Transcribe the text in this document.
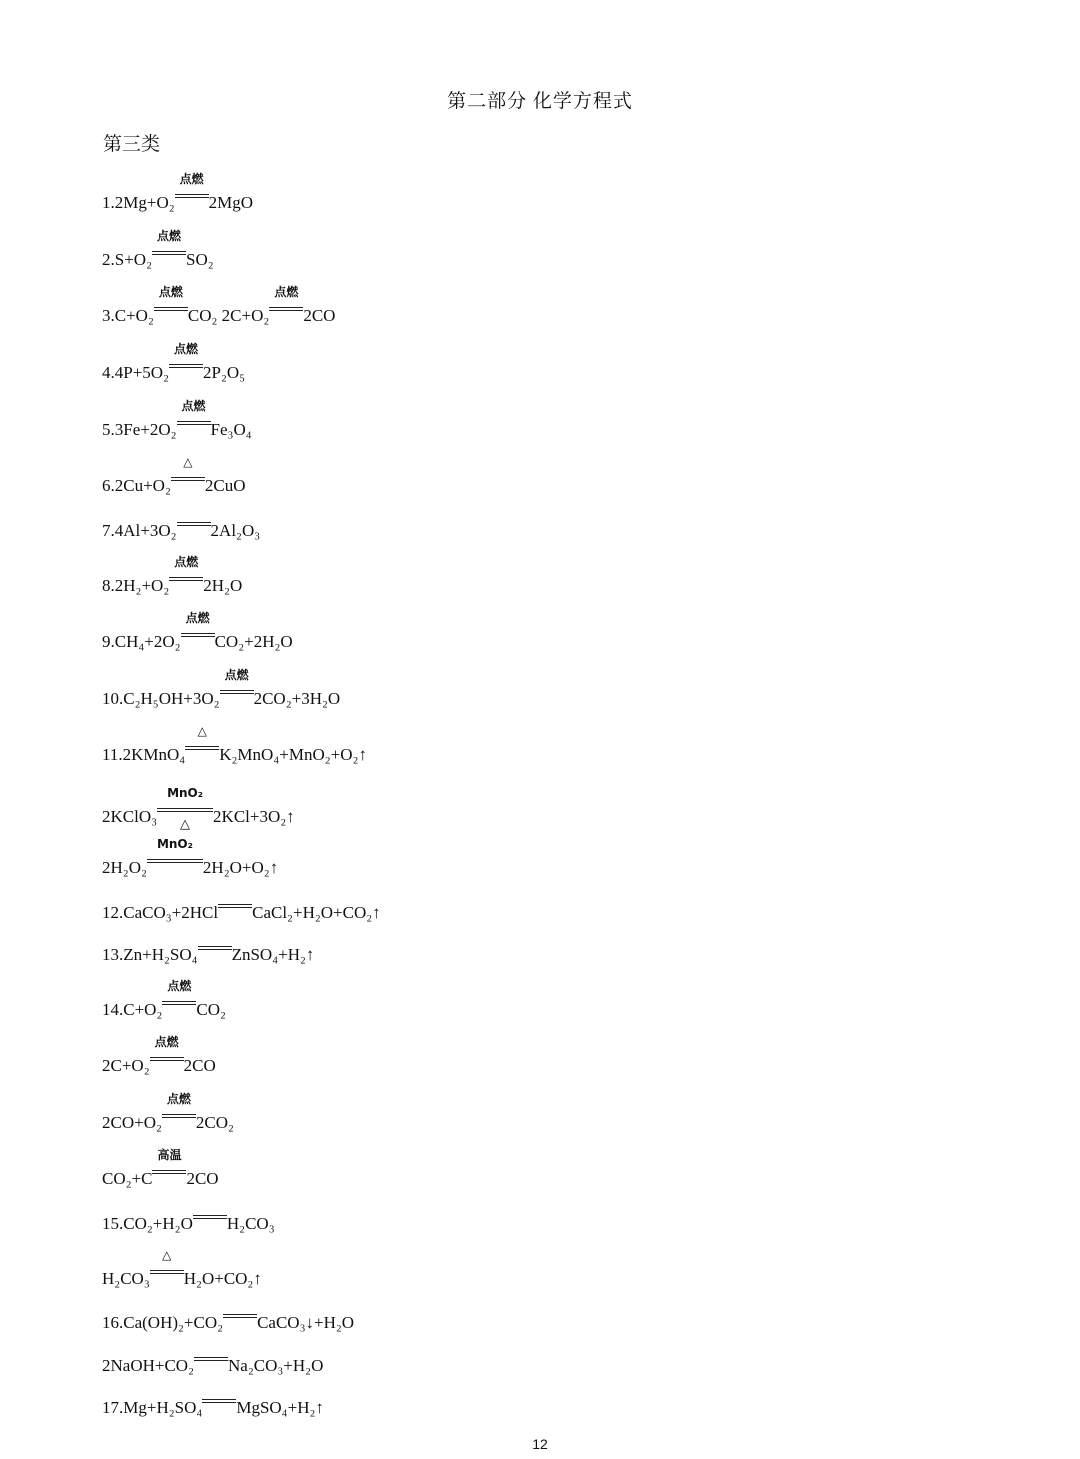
第二部分 化学方程式
第三类
1.2Mg+O₂
点燃
2MgO
2.S+O₂
点燃
SO₂
3.C+O₂
点燃
CO₂ 2C+O₂
点燃
2CO
4.4P+5O₂
点燃
2P₂O₅
5.3Fe+2O₂
点燃
Fe₃O₄
6.2Cu+O₂
△
2CuO
7.4Al+3O₂ 2Al₂O₃
8.2H₂+O₂
点燃
2H₂O
9.CH₄+2O₂
点燃
CO₂+2H₂O
10.C₂H₅OH+3O₂
点燃
2CO₂+3H₂O
11.2KMnO₄
△
K₂MnO₄+MnO₂+O₂↑
2KClO₃
MnO₂
△ 2KCl+3O₂↑
2H₂O₂
MnO₂
2H₂O+O₂↑
12.CaCO₃+2HCl CaCl₂+H₂O+CO₂↑
13.Zn+H₂SO₄ ZnSO₄+H₂↑
14.C+O₂
点燃
CO₂
2C+O₂
点燃
2CO
2CO+O₂
点燃
2CO₂
CO₂+C
高温
2CO
15.CO₂+H₂O H₂CO₃
H₂CO₃
△
H₂O+CO₂↑
16.Ca(OH)₂+CO₂ CaCO₃↓+H₂O
2NaOH+CO₂ Na₂CO₃+H₂O
17.Mg+H₂SO₄ MgSO₄+H₂↑
12
